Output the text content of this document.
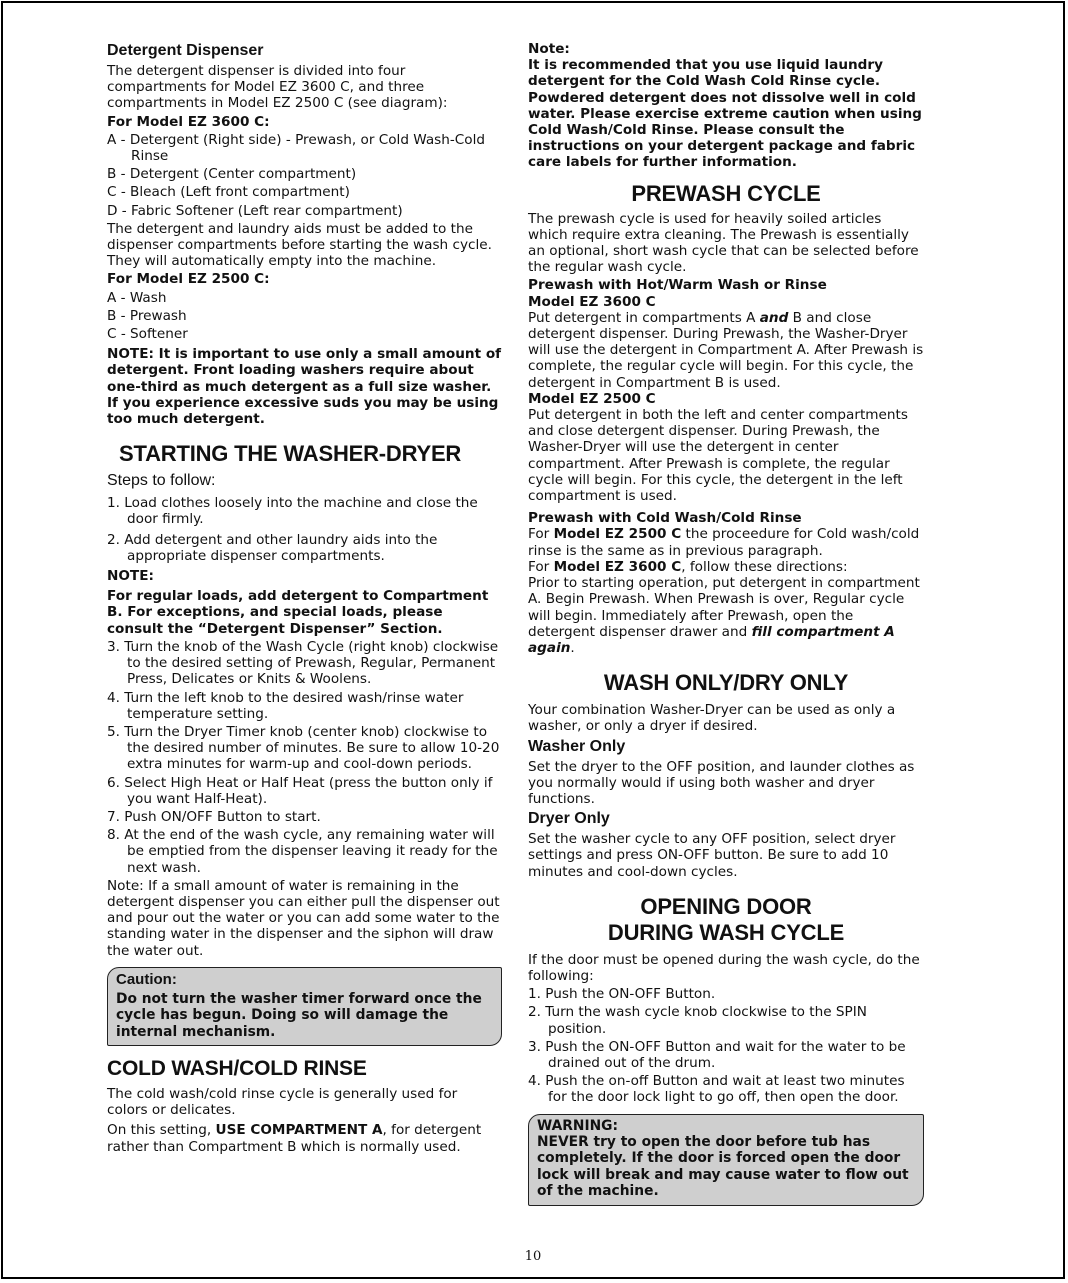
Detergent Dispenser

The detergent dispenser is divided into four compartments for Model EZ 3600 C, and three compartments in Model EZ 2500 C (see diagram):

For Model EZ 3600 C:

A - Detergent (Right side) - Prewash, or Cold Wash-Cold Rinse

B - Detergent (Center compartment)

C - Bleach (Left front compartment)

D - Fabric Softener (Left rear compartment)

The detergent and laundry aids must be added to the dispenser compartments before starting the wash cycle. They will automatically empty into the machine.

For Model EZ 2500 C:

A - Wash

B - Prewash

C - Softener

NOTE: It is important to use only a small amount of detergent. Front loading washers require about one-third as much detergent as a full size washer. If you experience excessive suds you may be using too much detergent.

STARTING THE WASHER-DRYER
Steps to follow:

1. Load clothes loosely into the machine and close the door firmly.

2. Add detergent and other laundry aids into the appropriate dispenser compartments.

NOTE:

For regular loads, add detergent to Compartment B. For exceptions, and special loads, please consult the “Detergent Dispenser” Section.

3. Turn the knob of the Wash Cycle (right knob) clockwise to the desired setting of Prewash, Regular, Permanent Press, Delicates or Knits & Woolens.

4. Turn the left knob to the desired wash/rinse water temperature setting.

5. Turn the Dryer Timer knob (center knob) clockwise to the desired number of minutes. Be sure to allow 10-20 extra minutes for warm-up and cool-down periods.

6. Select High Heat or Half Heat (press the button only if you want Half-Heat).

7. Push ON/OFF Button to start.

8. At the end of the wash cycle, any remaining water will be emptied from the dispenser leaving it ready for the next wash.

Note: If a small amount of water is remaining in the detergent dispenser you can either pull the dispenser out and pour out the water or you can add some water to the standing water in the dispenser and the siphon will draw the water out.

Caution:

Do not turn the washer timer forward once the cycle has begun. Doing so will damage the internal mechanism.

COLD WASH/COLD RINSE

The cold wash/cold rinse cycle is generally used for colors or delicates.

On this setting, USE COMPARTMENT A, for detergent rather than Compartment B which is normally used.

Note:

It is recommended that you use liquid laundry detergent for the Cold Wash Cold Rinse cycle. Powdered detergent does not dissolve well in cold water. Please exercise extreme caution when using Cold Wash/Cold Rinse. Please consult the instructions on your detergent package and fabric care labels for further information.

PREWASH CYCLE

The prewash cycle is used for heavily soiled articles which require extra cleaning. The Prewash is essentially an optional, short wash cycle that can be selected before the regular wash cycle.

Prewash with Hot/Warm Wash or Rinse

Model EZ 3600 C

Put detergent in compartments A and B and close detergent dispenser. During Prewash, the Washer-Dryer will use the detergent in Compartment A. After Prewash is complete, the regular cycle will begin. For this cycle, the detergent in Compartment B is used.

Model EZ 2500 C

Put detergent in both the left and center compartments and close detergent dispenser. During Prewash, the Washer-Dryer will use the detergent in center compartment. After Prewash is complete, the regular cycle will begin. For this cycle, the detergent in the left compartment is used.

Prewash with Cold Wash/Cold Rinse

For Model EZ 2500 C the proceedure for Cold wash/cold rinse is the same as in previous paragraph.

For Model EZ 3600 C, follow these directions:

Prior to starting operation, put detergent in compartment A. Begin Prewash. When Prewash is over, Regular cycle will begin. Immediately after Prewash, open the detergent dispenser drawer and fill compartment A again.

WASH ONLY/DRY ONLY

Your combination Washer-Dryer can be used as only a washer, or only a dryer if desired.

Washer Only

Set the dryer to the OFF position, and launder clothes as you normally would if using both washer and dryer functions.

Dryer Only

Set the washer cycle to any OFF position, select dryer settings and press ON-OFF button. Be sure to add 10 minutes and cool-down cycles.

OPENING DOOR
DURING WASH CYCLE

If the door must be opened during the wash cycle, do the following:

1. Push the ON-OFF Button.

2. Turn the wash cycle knob clockwise to the SPIN position.

3. Push the ON-OFF Button and wait for the water to be drained out of the drum.

4. Push the on-off Button and wait at least two minutes for the door lock light to go off, then open the door.

WARNING:

NEVER try to open the door before tub has completely. If the door is forced open the door lock will break and may cause water to flow out of the machine.

10
